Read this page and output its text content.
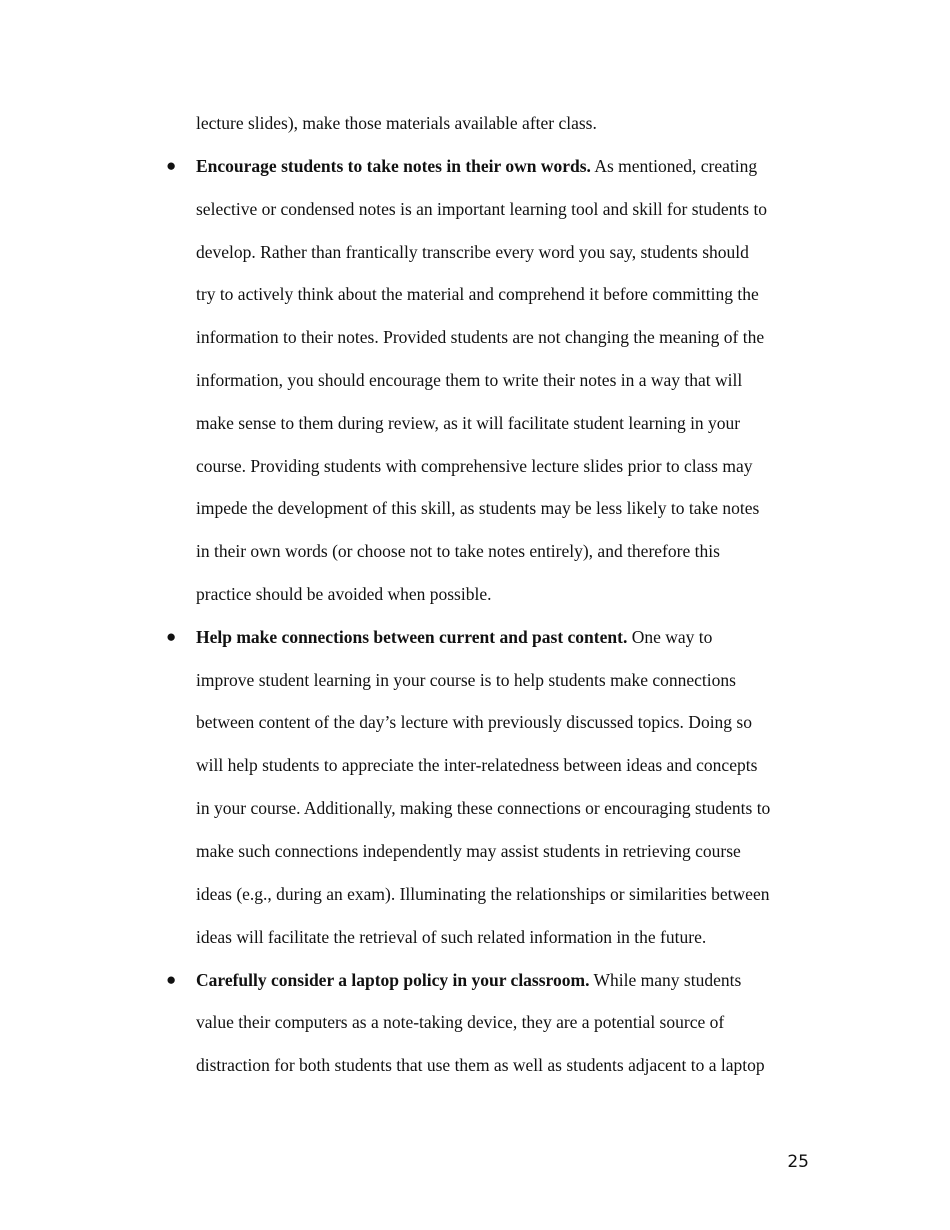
lecture slides), make those materials available after class.
● Encourage students to take notes in their own words. As mentioned, creating
selective or condensed notes is an important learning tool and skill for students to
develop. Rather than frantically transcribe every word you say, students should
try to actively think about the material and comprehend it before committing the
information to their notes. Provided students are not changing the meaning of the
information, you should encourage them to write their notes in a way that will
make sense to them during review, as it will facilitate student learning in your
course. Providing students with comprehensive lecture slides prior to class may
impede the development of this skill, as students may be less likely to take notes
in their own words (or choose not to take notes entirely), and therefore this
practice should be avoided when possible.
● Help make connections between current and past content. One way to
improve student learning in your course is to help students make connections
between content of the day’s lecture with previously discussed topics. Doing so
will help students to appreciate the inter-relatedness between ideas and concepts
in your course. Additionally, making these connections or encouraging students to
make such connections independently may assist students in retrieving course
ideas (e.g., during an exam). Illuminating the relationships or similarities between
ideas will facilitate the retrieval of such related information in the future.
● Carefully consider a laptop policy in your classroom. While many students
value their computers as a note-taking device, they are a potential source of
distraction for both students that use them as well as students adjacent to a laptop
25
